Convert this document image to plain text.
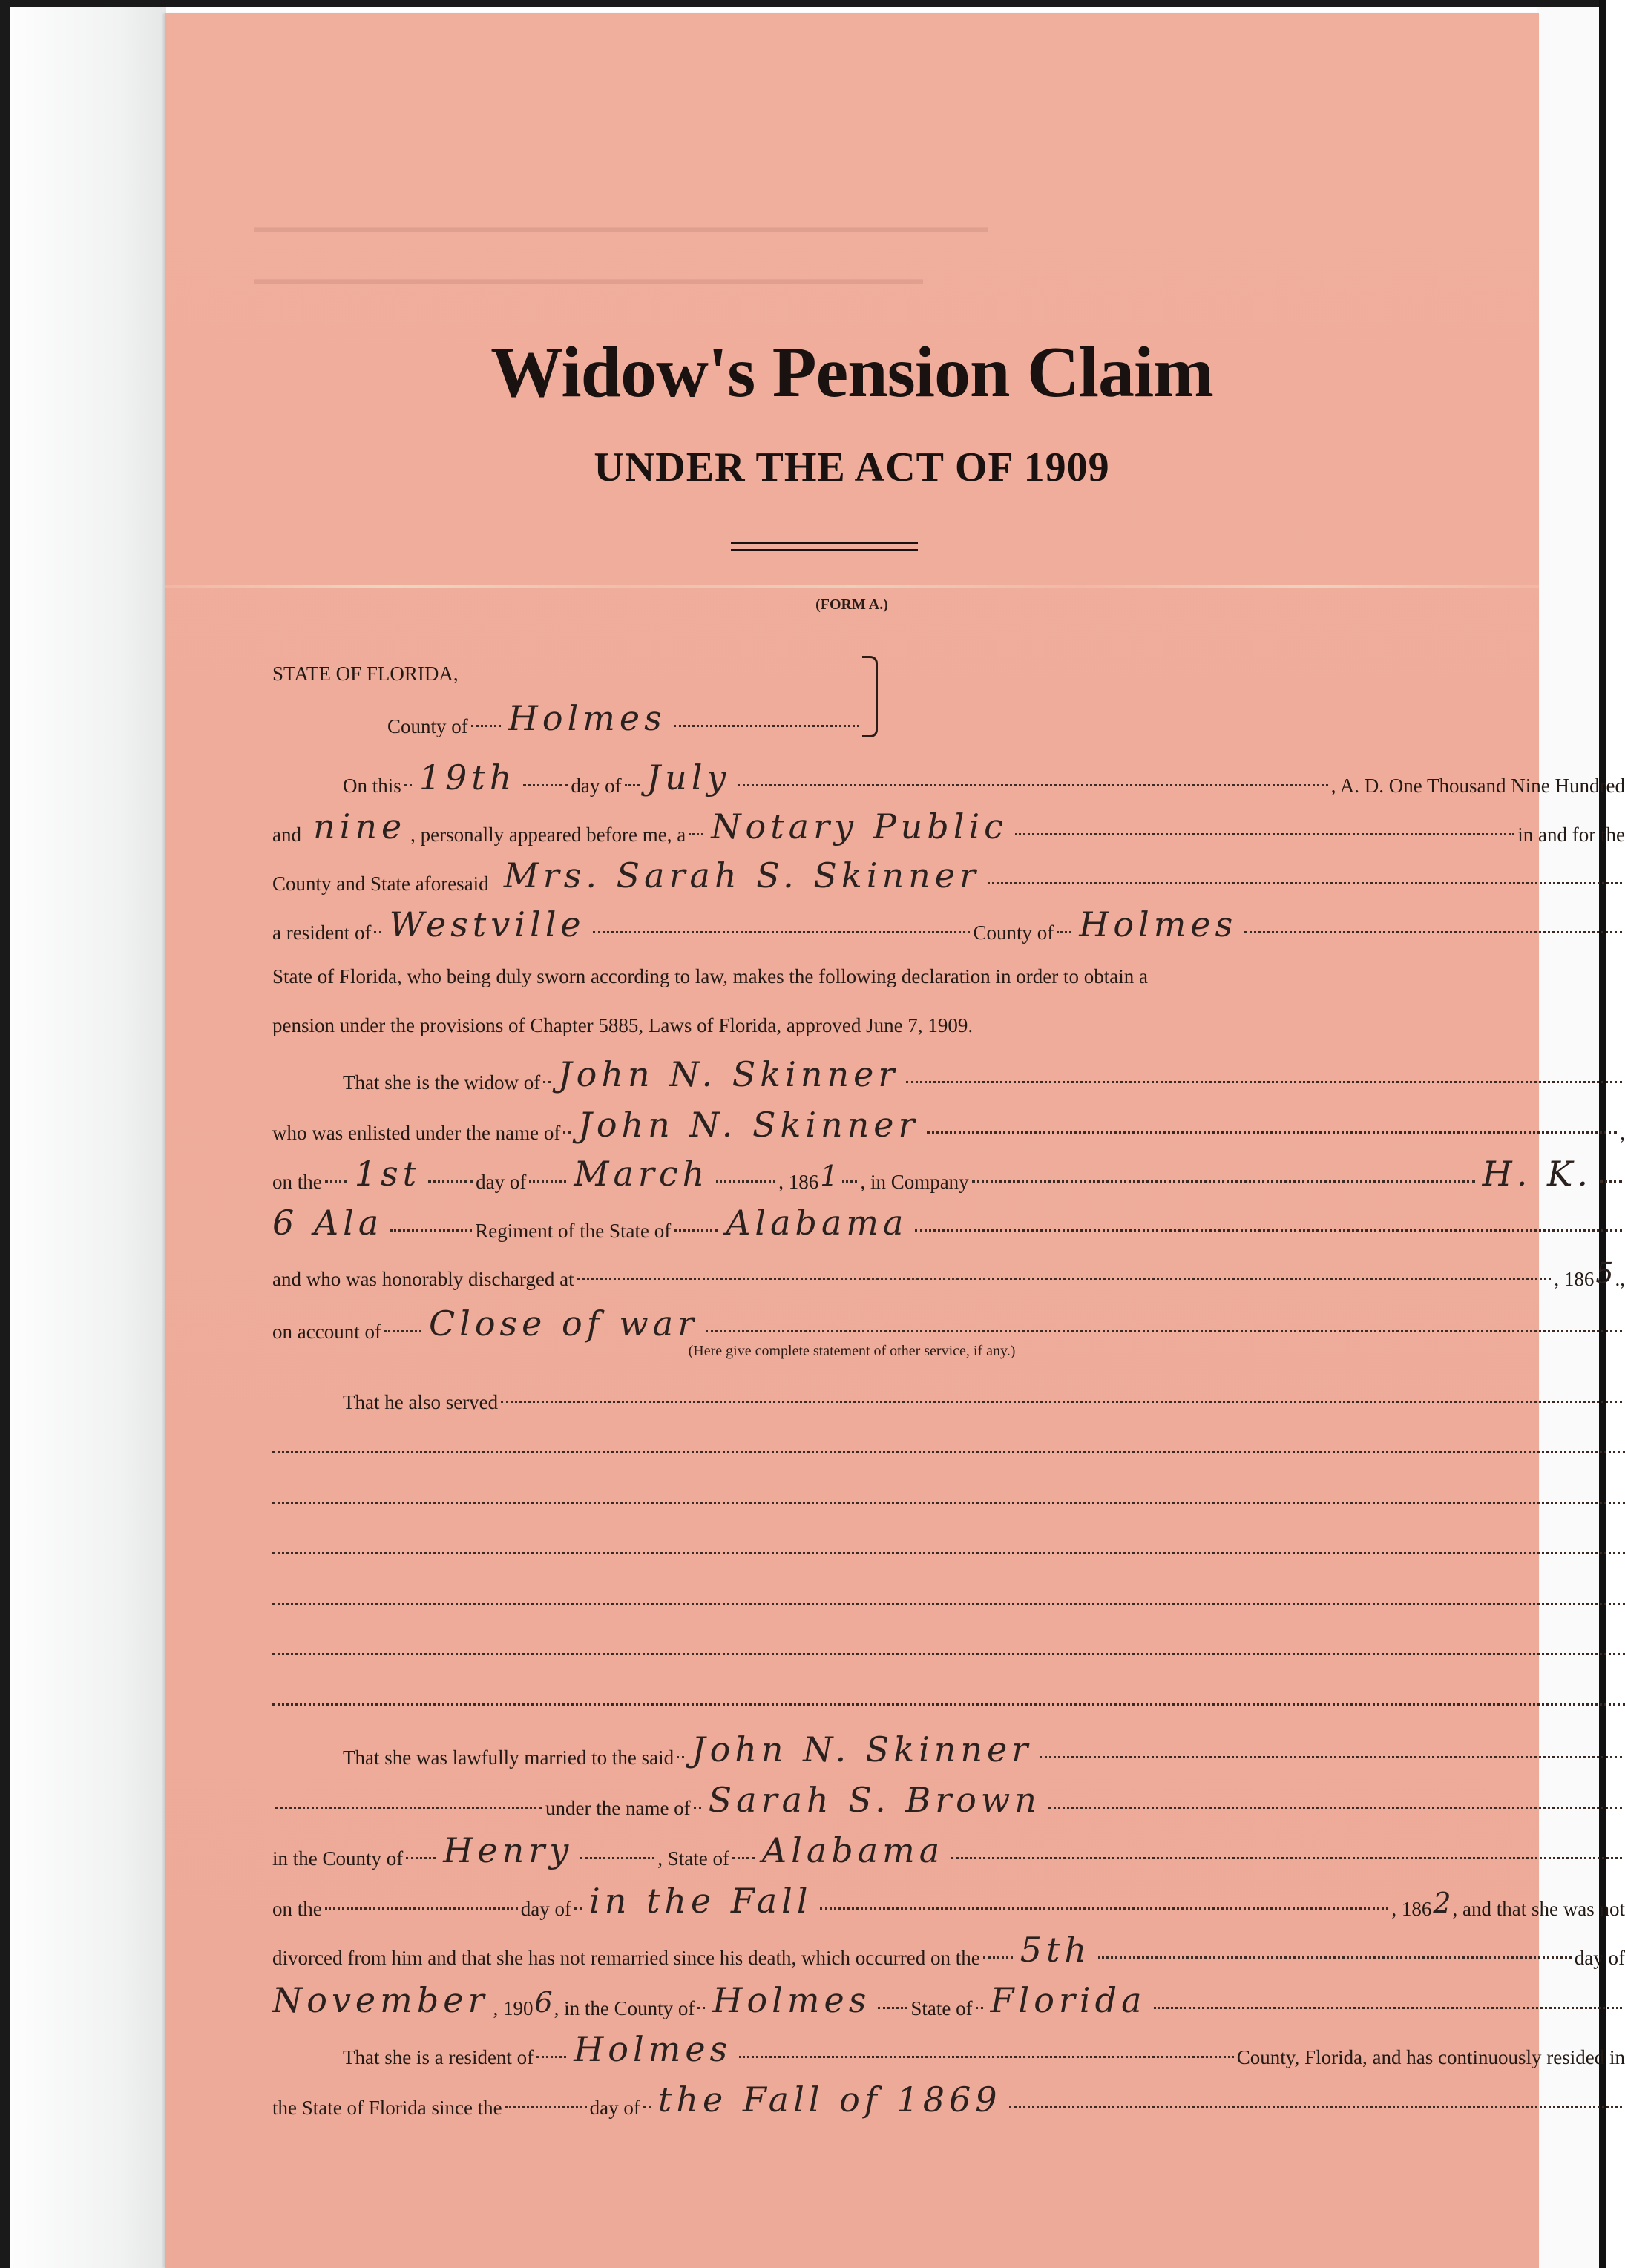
▬▬▬▬▬▬▬▬▬▬▬▬▬▬▬▬▬▬▬▬▬▬▬▬▬▬▬▬▬▬▬▬▬▬▬▬▬▬▬▬▬▬▬▬▬
▬▬▬▬▬▬▬▬▬▬▬▬▬▬▬▬▬▬▬▬▬▬▬▬▬▬▬▬▬▬▬▬▬▬▬▬▬▬▬▬▬
Widow's Pension Claim
UNDER THE ACT OF 1909
(FORM A.)
STATE OF FLORIDA,
County of Holmes
On this 19th	day of July	, A. D. One Thousand Nine Hundred
and nine , personally appeared before me, a Notary Public	in and for the
County and State aforesaid Mrs. Sarah S. Skinner
a resident of Westville	County of Holmes
State of Florida, who being duly sworn according to law, makes the following declaration in order to obtain a
pension under the provisions of Chapter 5885, Laws of Florida, approved June 7, 1909.
That she is the widow of John N. Skinner
who was enlisted under the name of John N. Skinner	,
on the 1st	day of March	, 186 1 , in Company	H. K.
6 Ala	Regiment of the State of Alabama
and who was honorably discharged at	, 186 5 .,
on account of Close of war
(Here give complete statement of other service, if any.)
That he also served
That she was lawfully married to the said John N. Skinner
under the name of Sarah S. Brown
in the County of Henry	, State of Alabama
on the	day of in the Fall	, 186 2 , and that she was not
divorced from him and that she has not remarried since his death, which occurred on the 5th	day of
November , 190 6 , in the County of Holmes State of Florida
That she is a resident of Holmes	County, Florida, and has continuously resided in
the State of Florida since the	day of the Fall of 1869
